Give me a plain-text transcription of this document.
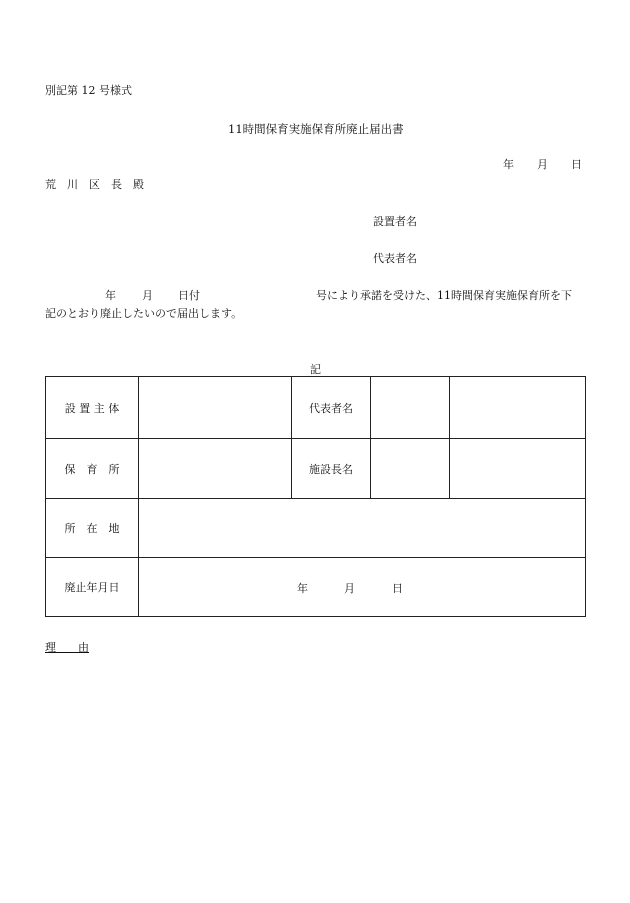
別記第 12 号様式
11時間保育実施保育所廃止届出書
年 月 日
荒　川　区　長　殿
設置者名
代表者名
年 月 日付	号により承諾を受けた、11時間保育実施保育所を下
記のとおり廃止したいので届出します。
記
設 置 主 体		代表者名		
保　育　所		施設長名		
所　在　地				
廃止年月日	年 月 日			
理　　由
